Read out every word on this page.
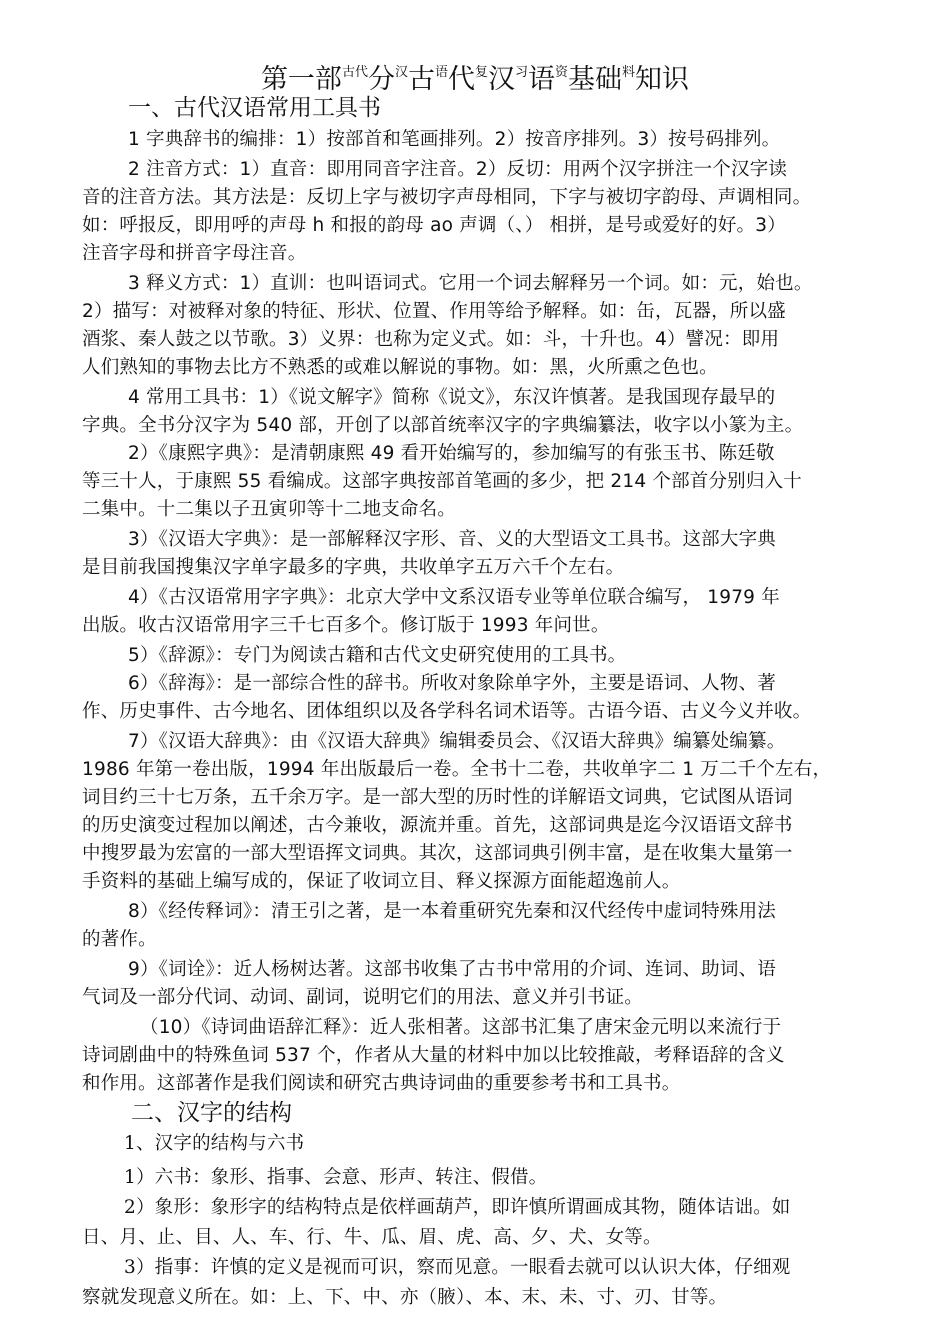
第一部$^{古代}$分$^汉$古$^语$代$^复$汉$^习$语$^资$基础$^料$知识
一、古代汉语常用工具书
1 字典辞书的编排：1）按部首和笔画排列。2）按音序排列。3）按号码排列。
2 注音方式：1）直音：即用同音字注音。2）反切：用两个汉字拼注一个汉字读
音的注音方法。其方法是：反切上字与被切字声母相同，下字与被切字韵母、声调相同。
如：呼报反，即用呼的声母 h 和报的韵母 ao 声调（、） 相拼，是号或爱好的好。3）
注音字母和拼音字母注音。
3 释义方式：1）直训：也叫语词式。它用一个词去解释另一个词。如：元，始也。
2）描写：对被释对象的特征、形状、位置、作用等给予解释。如：缶，瓦器，所以盛
酒浆、秦人鼓之以节歌。3）义界：也称为定义式。如：斗，十升也。4）譬况：即用
人们熟知的事物去比方不熟悉的或难以解说的事物。如：黑，火所熏之色也。
4 常用工具书：1）《说文解字》简称《说文》，东汉许慎著。是我国现存最早的
字典。全书分汉字为 540 部，开创了以部首统率汉字的字典编纂法，收字以小篆为主。
2）《康熙字典》：是清朝康熙 49 看开始编写的，参加编写的有张玉书、陈廷敬
等三十人，于康熙 55 看编成。这部字典按部首笔画的多少，把 214 个部首分别归入十
二集中。十二集以子丑寅卯等十二地支命名。
3）《汉语大字典》：是一部解释汉字形、音、义的大型语文工具书。这部大字典
是目前我国搜集汉字单字最多的字典，共收单字五万六千个左右。
4）《古汉语常用字字典》：北京大学中文系汉语专业等单位联合编写， 1979 年
出版。收古汉语常用字三千七百多个。修订版于 1993 年问世。
5）《辞源》：专门为阅读古籍和古代文史研究使用的工具书。
6）《辞海》：是一部综合性的辞书。所收对象除单字外，主要是语词、人物、著
作、历史事件、古今地名、团体组织以及各学科名词术语等。古语今语、古义今义并收。
7）《汉语大辞典》：由《汉语大辞典》编辑委员会、《汉语大辞典》编纂处编纂。
1986 年第一卷出版，1994 年出版最后一卷。全书十二卷，共收单字二 1 万二千个左右，
词目约三十七万条，五千余万字。是一部大型的历时性的详解语文词典，它试图从语词
的历史演变过程加以阐述，古今兼收，源流并重。首先，这部词典是迄今汉语语文辞书
中搜罗最为宏富的一部大型语挥文词典。其次，这部词典引例丰富，是在收集大量第一
手资料的基础上编写成的，保证了收词立目、释义探源方面能超逸前人。
8）《经传释词》：清王引之著，是一本着重研究先秦和汉代经传中虚词特殊用法
的著作。
9）《词诠》：近人杨树达著。这部书收集了古书中常用的介词、连词、助词、语
气词及一部分代词、动词、副词，说明它们的用法、意义并引书证。
（10）《诗词曲语辞汇释》：近人张相著。这部书汇集了唐宋金元明以来流行于
诗词剧曲中的特殊鱼词 537 个，作者从大量的材料中加以比较推敲，考释语辞的含义
和作用。这部著作是我们阅读和研究古典诗词曲的重要参考书和工具书。
二、汉字的结构
1、汉字的结构与六书
1）六书：象形、指事、会意、形声、转注、假借。
2）象形：象形字的结构特点是依样画葫芦，即许慎所谓画成其物，随体诘诎。如
日、月、止、目、人、车、行、牛、瓜、眉、虎、高、夕、犬、女等。
3）指事：许慎的定义是视而可识，察而见意。一眼看去就可以认识大体，仔细观
察就发现意义所在。如：上、下、中、亦（腋）、本、末、未、寸、刃、甘等。
